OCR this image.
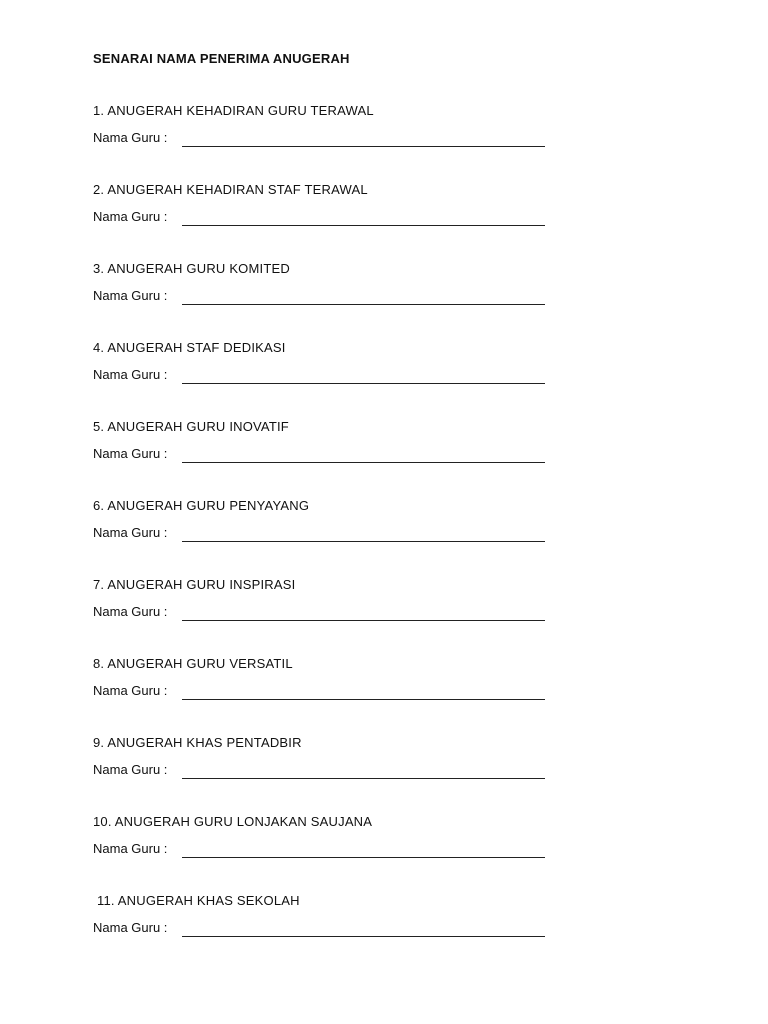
SENARAI NAMA PENERIMA ANUGERAH
1. ANUGERAH KEHADIRAN GURU TERAWAL
Nama Guru :
2. ANUGERAH KEHADIRAN STAF TERAWAL
Nama Guru :
3. ANUGERAH GURU KOMITED
Nama Guru :
4. ANUGERAH STAF DEDIKASI
Nama Guru :
5. ANUGERAH GURU INOVATIF
Nama Guru :
6. ANUGERAH GURU PENYAYANG
Nama Guru :
7. ANUGERAH GURU INSPIRASI
Nama Guru :
8. ANUGERAH GURU VERSATIL
Nama Guru :
9. ANUGERAH KHAS PENTADBIR
Nama Guru :
10. ANUGERAH GURU LONJAKAN SAUJANA
Nama Guru :
11. ANUGERAH KHAS SEKOLAH
Nama Guru :
